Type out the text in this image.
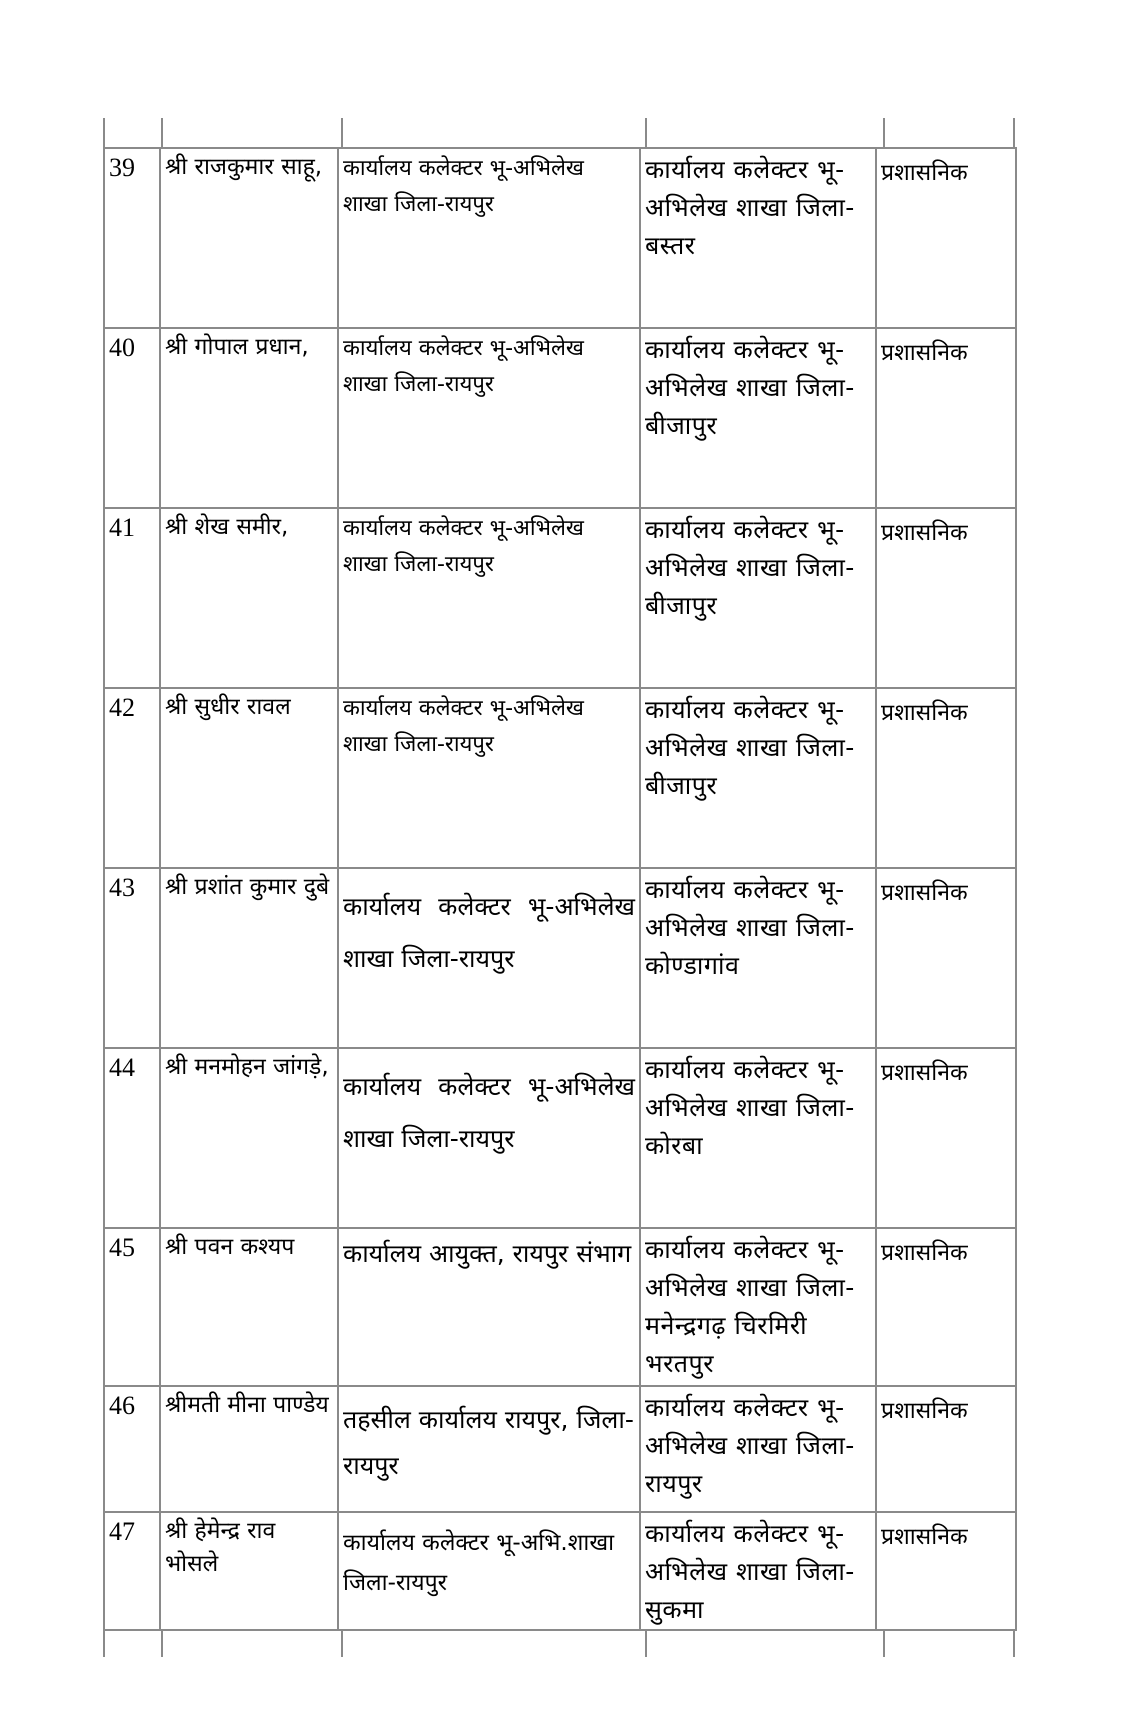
39	श्री राजकुमार साहू,	कार्यालय कलेक्टर भू-अभिलेख शाखा जिला-रायपुर	कार्यालय कलेक्टर भू-अभिलेख शाखा जिला-बस्तर	प्रशासनिक

40	श्री गोपाल प्रधान,	कार्यालय कलेक्टर भू-अभिलेख शाखा जिला-रायपुर	कार्यालय कलेक्टर भू-अभिलेख शाखा जिला-बीजापुर	प्रशासनिक

41	श्री शेख समीर,	कार्यालय कलेक्टर भू-अभिलेख शाखा जिला-रायपुर	कार्यालय कलेक्टर भू-अभिलेख शाखा जिला-बीजापुर	प्रशासनिक

42	श्री सुधीर रावल	कार्यालय कलेक्टर भू-अभिलेख शाखा जिला-रायपुर	कार्यालय कलेक्टर भू-अभिलेख शाखा जिला-बीजापुर	प्रशासनिक

43	श्री प्रशांत कुमार दुबे	कार्यालय कलेक्टर भू-अभिलेख शाखा जिला-रायपुर	कार्यालय कलेक्टर भू-अभिलेख शाखा जिला-कोण्डागांव	प्रशासनिक

44	श्री मनमोहन जांगड़े,	कार्यालय कलेक्टर भू-अभिलेख शाखा जिला-रायपुर	कार्यालय कलेक्टर भू-अभिलेख शाखा जिला-कोरबा	प्रशासनिक

45	श्री पवन कश्यप	कार्यालय आयुक्त, रायपुर संभाग	कार्यालय कलेक्टर भू-अभिलेख शाखा जिला-मनेन्द्रगढ़ चिरमिरी भरतपुर	प्रशासनिक

46	श्रीमती मीना पाण्डेय	तहसील कार्यालय रायपुर, जिला-रायपुर	कार्यालय कलेक्टर भू-अभिलेख शाखा जिला-रायपुर	प्रशासनिक

47	श्री हेमेन्द्र राव भोसले	कार्यालय कलेक्टर भू-अभि.शाखा जिला-रायपुर	कार्यालय कलेक्टर भू-अभिलेख शाखा जिला-सुकमा	प्रशासनिक
